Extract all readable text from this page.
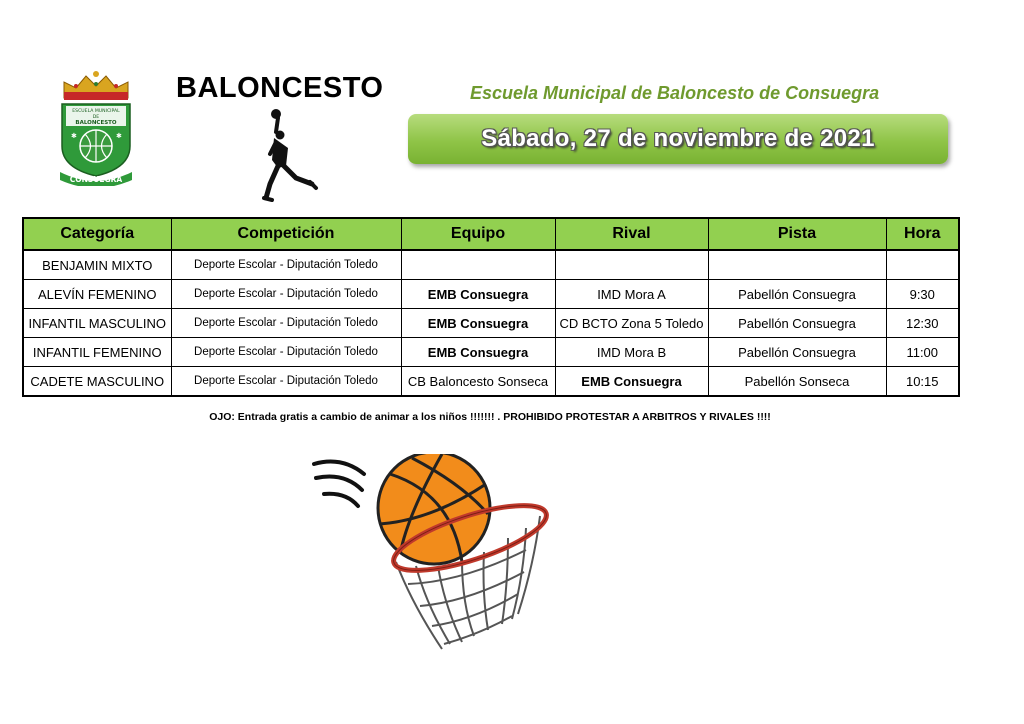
ESCUELA MUNICIPAL
DE
BALONCESTO
✱	✱
CONSUEGRA
BALONCESTO	Escuela Municipal de Baloncesto de Consuegra
Sábado, 27 de noviembre de 2021
Categoría	Competición	Equipo	Rival	Pista	Hora
BENJAMIN MIXTO	Deporte Escolar - Diputación Toledo				
ALEVÍN FEMENINO	Deporte Escolar - Diputación Toledo	EMB Consuegra	IMD Mora A	Pabellón Consuegra	9:30
INFANTIL MASCULINO	Deporte Escolar - Diputación Toledo	EMB Consuegra	CD BCTO Zona 5 Toledo	Pabellón Consuegra	12:30
INFANTIL FEMENINO	Deporte Escolar - Diputación Toledo	EMB Consuegra	IMD Mora B	Pabellón Consuegra	11:00
CADETE MASCULINO	Deporte Escolar - Diputación Toledo	CB Baloncesto Sonseca	EMB Consuegra	Pabellón Sonseca	10:15
OJO: Entrada gratis a cambio de animar a los niños !!!!!!! . PROHIBIDO PROTESTAR A ARBITROS Y RIVALES !!!!
